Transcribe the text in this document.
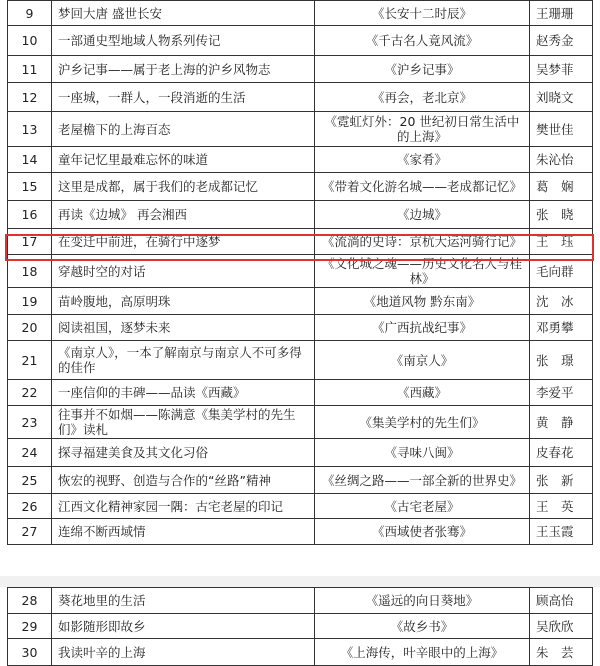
9	梦回大唐 盛世长安	《长安十二时辰》	王珊珊
10	一部通史型地域人物系列传记	《千古名人竟风流》	赵秀金
11	沪乡记事——属于老上海的沪乡风物志	《沪乡记事》	吴梦菲
12	一座城，一群人，一段消逝的生活	《再会，老北京》	刘晓文
13	老屋檐下的上海百态	《霓虹灯外：20 世纪初日常生活中的上海》	樊世佳
14	童年记忆里最难忘怀的味道	《家肴》	朱沁怡
15	这里是成都，属于我们的老成都记忆	《带着文化游名城——老成都记忆》	葛　娴
16	再读《边城》 再会湘西	《边城》	张　晓
17	在变迁中前进，在骑行中逐梦	《流淌的史诗：京杭大运河骑行记》	王　珏
18	穿越时空的对话	《文化城之魂——历史文化名人与桂林》	毛向群
19	苗岭腹地，高原明珠	《地道风物 黔东南》	沈　冰
20	阅读祖国，逐梦未来	《广西抗战纪事》	邓勇攀
21	《南京人》，一本了解南京与南京人不可多得的佳作	《南京人》	张　璟
22	一座信仰的丰碑——品读《西藏》	《西藏》	李爱平
23	往事并不如烟——陈满意《集美学村的先生们》读札	《集美学村的先生们》	黄　静
24	探寻福建美食及其文化习俗	《寻味八闽》	皮春花
25	恢宏的视野、创造与合作的“丝路”精神	《丝绸之路——一部全新的世界史》	张　新
26	江西文化精神家园一隅：古宅老屋的印记	《古宅老屋》	王　英
27	连绵不断西域情	《西域使者张骞》	王玉霞
28	葵花地里的生活	《遥远的向日葵地》	顾高怡
29	如影随形即故乡	《故乡书》	吴欣欣
30	我读叶辛的上海	《上海传，叶辛眼中的上海》	朱　芸
